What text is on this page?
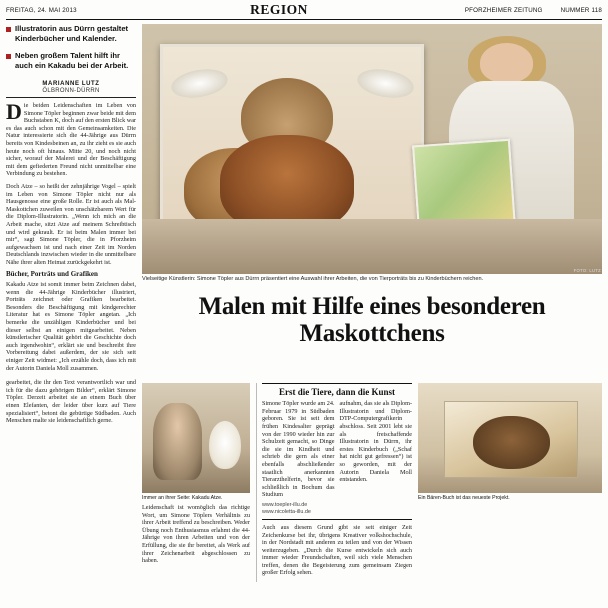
FREITAG, 24. MAI 2013	REGION	PFORZHEIMER ZEITUNG	NUMMER 118
Illustratorin aus Dürrn gestaltet Kinderbücher und Kalender.
Neben großem Talent hilft ihr auch ein Kakadu bei der Arbeit.
MARIANNE LUTZ
ÖLBRONN-DÜRRN

Die beiden Leidenschaften im Leben von Simone Töpler beginnen zwar beide mit dem Buchstaben K, doch auf den ersten Blick war es das auch schon mit den Gemeinsamkeiten. Die Natur interessierte sich die 44-Jährige aus Dürrn bereits von Kindesbeinen an, zu ihr zieht es sie auch heute noch oft hinaus. Mitte 20, und noch nicht sicher, worauf der Malerei und der Beschäftigung mit dem gefiederten Freund nicht unmittelbar eine Verbindung zu bestehen.

Doch Atze – so heißt der zehnjährige Vogel – spielt im Leben von Simone Töpler nicht nur als Hausgenosse eine große Rolle. Er ist auch als Mal-Maskottchen zuweilen von unschätzbarem Wert für die Diplom-Illustratorin. „Wenn ich mich an die Arbeit mache, sitzt Atze auf meinem Schreibtisch und wird gekrault. Er ist beim Malen immer bei mir“, sagt Simone Töpler, die in Pforzheim aufgewachsen ist und nach einer Zeit im Norden Deutschlands inzwischen wieder in die unmittelbare Nähe ihrer alten Heimat zurückgekehrt ist.

Bücher, Porträts und Grafiken

Kakadu Atze ist somit immer beim Zeichnen dabei, wenn die 44-Jährige Kinderbücher illustriert, Porträts zeichnet oder Grafiken bearbeitet. Besonders die Beschäftigung mit kindgerechter Literatur hat es Simone Töpler angetan. „Ich bemerke die unzähligen Kinderbücher und bei dieser selbst an einigen mitgearbeitet. Neben künstlerischer Qualität gehört die Geschichte doch auch irgendwohin“, erklärt sie und beschreibt ihre Vorbereitung dabei außerdem, der sie sich seit einiger Zeit widmet: „Ich erzähle doch, dass ich mit der Autorin Daniela Moll zusammen.

FOTO: LUTZ
Vielseitige Künstlerin: Simone Töpler aus Dürrn präsentiert eine Auswahl ihrer Arbeiten, die von Tierporträts bis zu Kinderbüchern reichen.
Malen mit Hilfe eines besonderen Maskottchens

gearbeitet, die ihr den Text verantwortlich war und ich für die dazu gehörigen Bilder“, erklärt Simone Töpler. Derzeit arbeitet sie an einem Buch über einen Elefanten, der leider über kurz auf Tiere spezialisiert“, betont die gebürtige Südbaden. Auch Menschen malte sie leidenschaftlich gerne.

Immer an ihrer Seite: Kakadu Atze.

Leidenschaft ist womöglich das richtige Wort, um Simone Töplers Verhältnis zu ihrer Arbeit treffend zu beschreiben. Weder Übung noch Enthusiasmus erlahmt die 44-Jährige von ihren Arbeiten und von der Erfüllung, die sie ihr bereitet, als Werk auf ihrer Zeichenarbeit abgeschlossen zu haben.

Erst die Tiere, dann die Kunst

Simone Töpler wurde am 24. Februar 1979 in Südbaden geboren. Sie ist seit dem frühen Kindesalter geprägt von der 1990 wieder hin zur Schulzeit gemacht, so Dinge die sie im Kindheit und schrieb die gern als einer ebenfalls abschließender staatlich anerkannten Tierarzthelferin, bevor sie schließlich in Bochum das Studium

aufnahm, das sie als Diplom-Illustratorin und Diplom-DTP-Computergrafikerin abschloss. Seit 2001 lebt sie als freischaffende Illustratorin in Dürrn, ihr erstes Kinderbuch („Schaf hat nicht gut gefressen“) ist so geworden, mit der Autorin Daniela Moll entstanden.

www.toepler-illu.de
www.nicoletta-illu.de

Auch aus diesem Grund gibt sie seit einiger Zeit Zeichenkurse bei ihr, übrigens Kreativer volkshochschule, in der Nordstadt mit anderen zu teilen und von der Wissen weiterzugeben. „Durch die Kurse entwickeln sich auch immer wieder Freundschaften, weil sich viele Menschen treffen, denen die Begeisterung zum gemeinsam Ziegen großer Erfolg sehen.

Ein Bären-Buch ist das neueste Projekt.
